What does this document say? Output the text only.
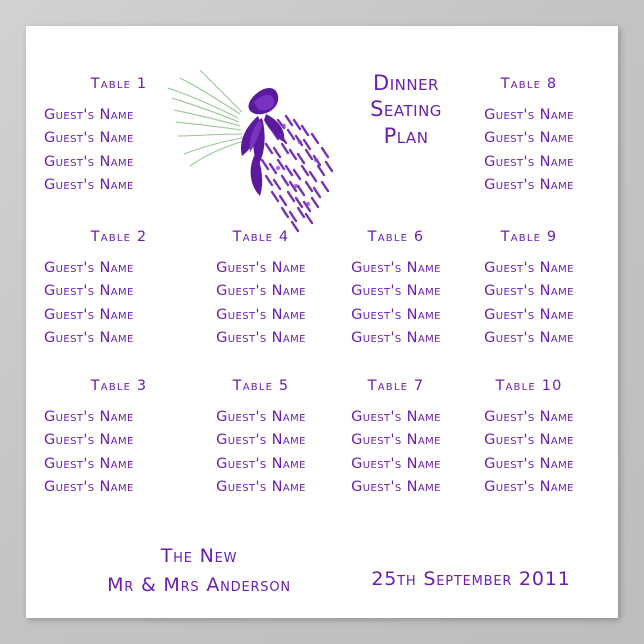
Dinner
Seating
Plan
Table 1
Guest's Name
Guest's Name
Guest's Name
Guest's Name
Table 2
Guest's Name
Guest's Name
Guest's Name
Guest's Name
Table 3
Guest's Name
Guest's Name
Guest's Name
Guest's Name
Table 4
Guest's Name
Guest's Name
Guest's Name
Guest's Name
Table 5
Guest's Name
Guest's Name
Guest's Name
Guest's Name
Table 6
Guest's Name
Guest's Name
Guest's Name
Guest's Name
Table 7
Guest's Name
Guest's Name
Guest's Name
Guest's Name
Table 8
Guest's Name
Guest's Name
Guest's Name
Guest's Name
Table 9
Guest's Name
Guest's Name
Guest's Name
Guest's Name
Table 10
Guest's Name
Guest's Name
Guest's Name
Guest's Name
The New
Mr & Mrs Anderson	25th September 2011
